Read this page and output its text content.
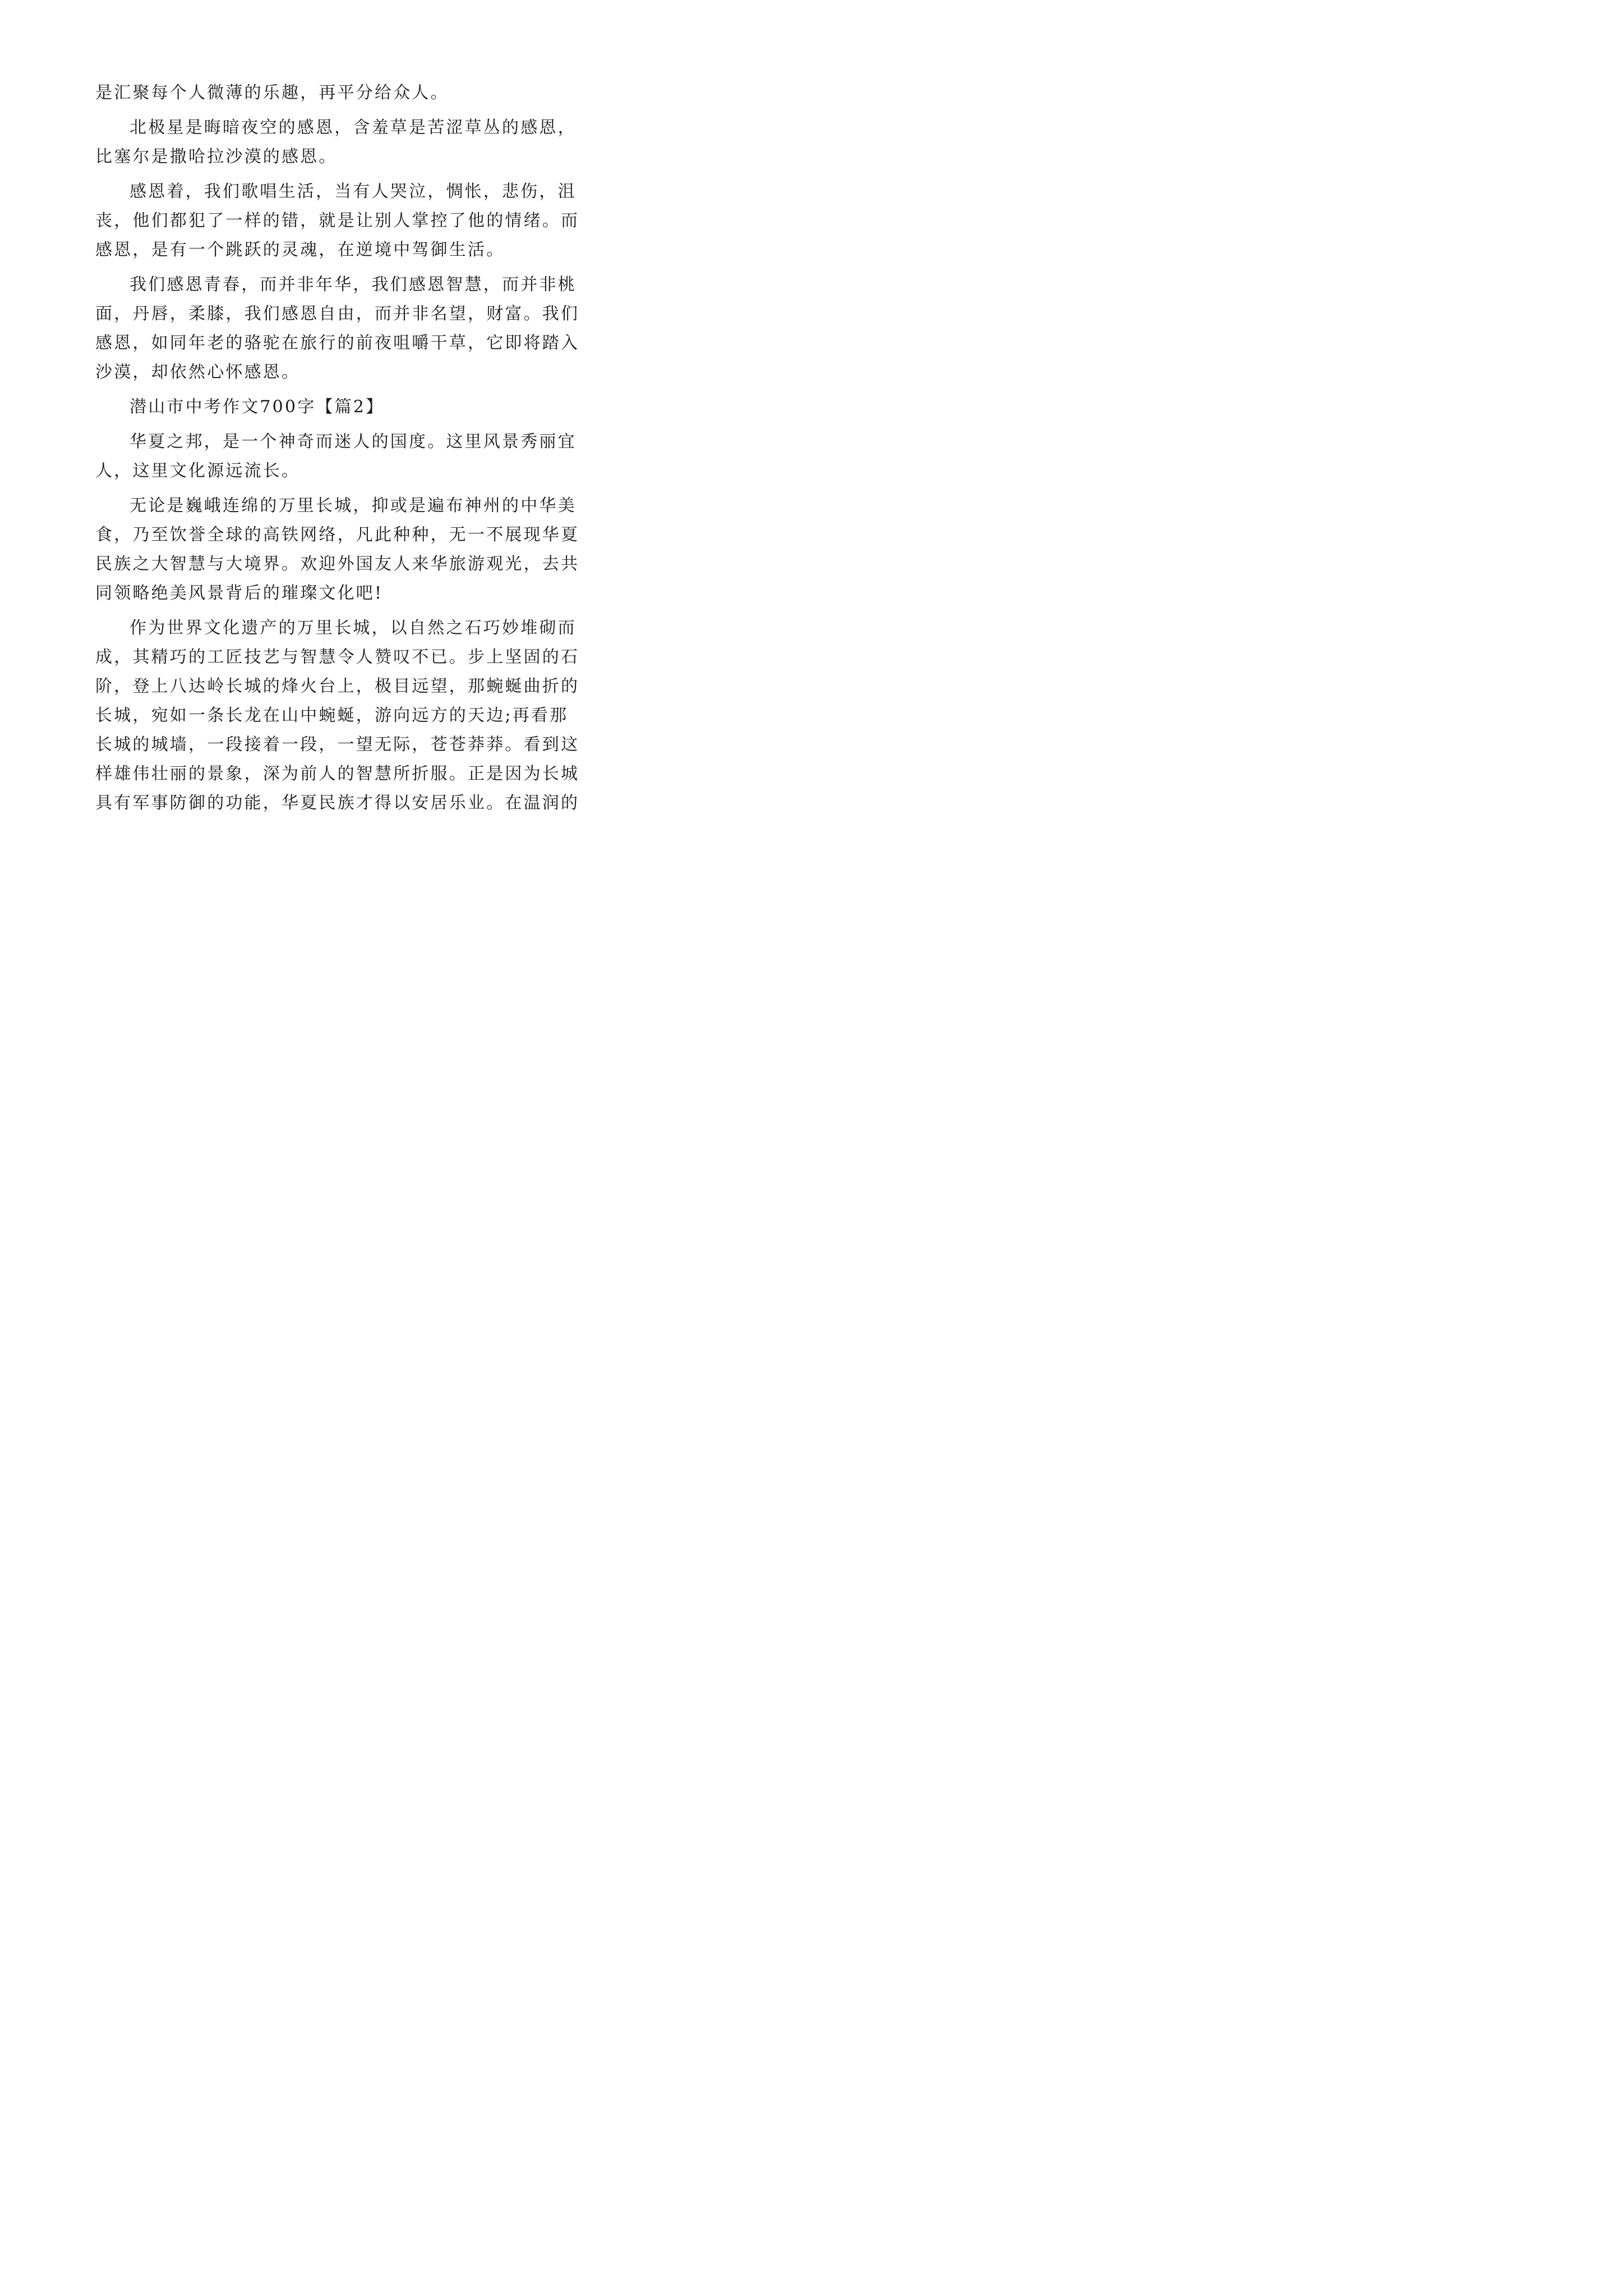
是汇聚每个人微薄的乐趣，再平分给众人。
北极星是晦暗夜空的感恩，含羞草是苦涩草丛的感恩，
比塞尔是撒哈拉沙漠的感恩。
感恩着，我们歌唱生活，当有人哭泣，惆怅，悲伤，沮
丧，他们都犯了一样的错，就是让别人掌控了他的情绪。而
感恩，是有一个跳跃的灵魂，在逆境中驾御生活。
我们感恩青春，而并非年华，我们感恩智慧，而并非桃
面，丹唇，柔膝，我们感恩自由，而并非名望，财富。我们
感恩，如同年老的骆驼在旅行的前夜咀嚼干草，它即将踏入
沙漠，却依然心怀感恩。
潜山市中考作文700字【篇2】
华夏之邦，是一个神奇而迷人的国度。这里风景秀丽宜
人，这里文化源远流长。
无论是巍峨连绵的万里长城，抑或是遍布神州的中华美
食，乃至饮誉全球的高铁网络，凡此种种，无一不展现华夏
民族之大智慧与大境界。欢迎外国友人来华旅游观光，去共
同领略绝美风景背后的璀璨文化吧!
作为世界文化遗产的万里长城，以自然之石巧妙堆砌而
成，其精巧的工匠技艺与智慧令人赞叹不已。步上坚固的石
阶，登上八达岭长城的烽火台上，极目远望，那蜿蜒曲折的
长城，宛如一条长龙在山中蜿蜒，游向远方的天边;再看那
长城的城墙，一段接着一段，一望无际，苍苍莽莽。看到这
样雄伟壮丽的景象，深为前人的智慧所折服。正是因为长城
具有军事防御的功能，华夏民族才得以安居乐业。在温润的
